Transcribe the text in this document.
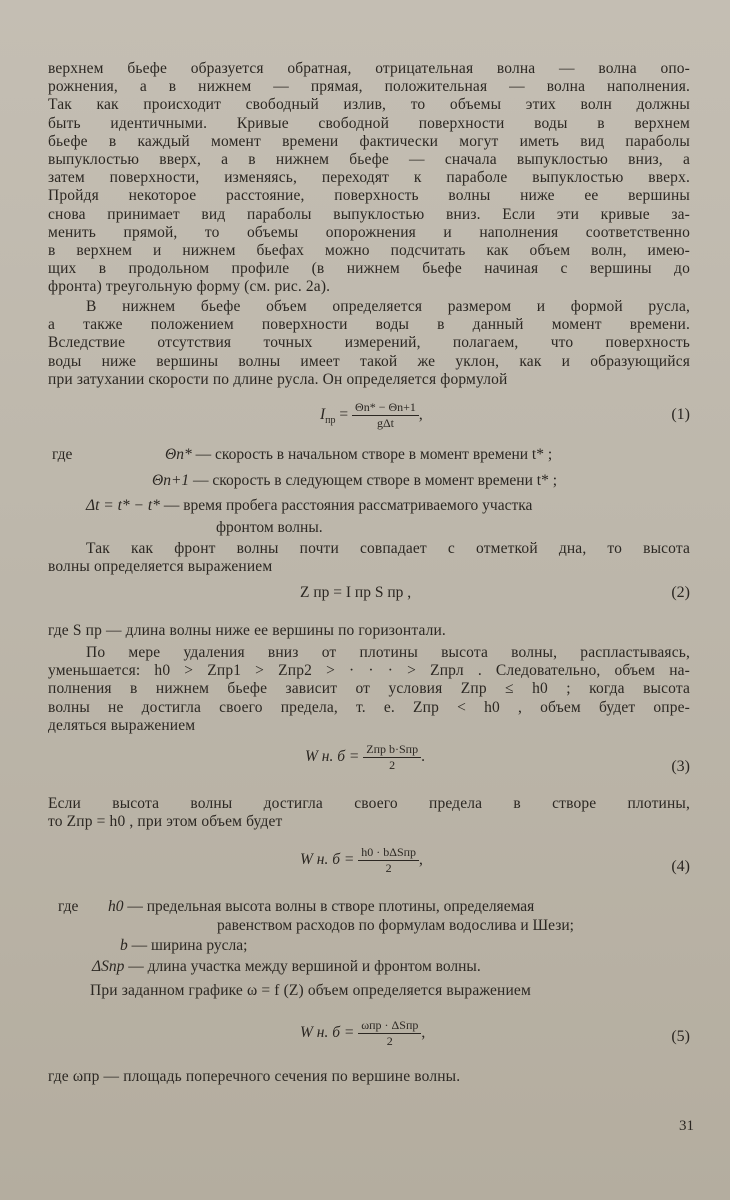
верхнем бьефе образуется обратная, отрицательная волна — волна опо-
рожнения, а в нижнем — прямая, положительная — волна наполнения.
Так как происходит свободный излив, то объемы этих волн должны
быть идентичными. Кривые свободной поверхности воды в верхнем
бьефе в каждый момент времени фактически могут иметь вид параболы
выпуклостью вверх, а в нижнем бьефе — сначала выпуклостью вниз, а
затем поверхности, изменяясь, переходят к параболе выпуклостью вверх.
Пройдя некоторое расстояние, поверхность волны ниже ее вершины
снова принимает вид параболы выпуклостью вниз. Если эти кривые за-
менить прямой, то объемы опорожнения и наполнения соответственно
в верхнем и нижнем бьефах можно подсчитать как объем волн, имею-
щих в продольном профиле (в нижнем бьефе начиная с вершины до
фронта) треугольную форму (см. рис. 2а).
В нижнем бьефе объем определяется размером и формой русла,
а также положением поверхности воды в данный момент времени.
Вследствие отсутствия точных измерений, полагаем, что поверхность
воды ниже вершины волны имеет такой же уклон, как и образующийся
при затухании скорости по длине русла. Он определяется формулой
$I_{пр} = \frac{\Theta n* - \Theta n+1}{\text{gΔt}}$ ,	(1)
где	Θn* — скорость в начальном створе в момент времени t* ;
Θn+1 — скорость в следующем створе в момент времени t* ;
Δt = t* − t* — время пробега расстояния рассматриваемого участка
фронтом волны.
Так как фронт волны почти совпадает с отметкой дна, то высота
волны определяется выражением
Z пр = I пр S пр ,	(2)
где S пр — длина волны ниже ее вершины по горизонтали.
По мере удаления вниз от плотины высота волны, распластываясь,
уменьшается: h0 > Zпр1 > Zпр2 > · · · > Zпрл . Следовательно, объем на-
полнения в нижнем бьефе зависит от условия Zпр ≤ h0 ; когда высота
волны не достигла своего предела, т. е. Zпр < h0 , объем будет опре-
деляться выражением
W н. $б = \frac{\text{Zпр b·Sпр}}{2}$ .
(3)
Если высота волны достигла своего предела в створе плотины,
то Zпр = h0 , при этом объем будет
W н. $б = \frac{\text{h0 · bΔSпр}}{2}$ ,	(4)
где h0 — предельная высота волны в створе плотины, определяемая
равенством расходов по формулам водослива и Шези;
b — ширина русла;
ΔSпр — длина участка между вершиной и фронтом волны.
При заданном графике ω = f (Z) объем определяется выражением
W н. $б = \frac{\text{ωпр · ΔSпр}}{2}$ ,	(5)
где ωпр — площадь поперечного сечения по вершине волны.
31
